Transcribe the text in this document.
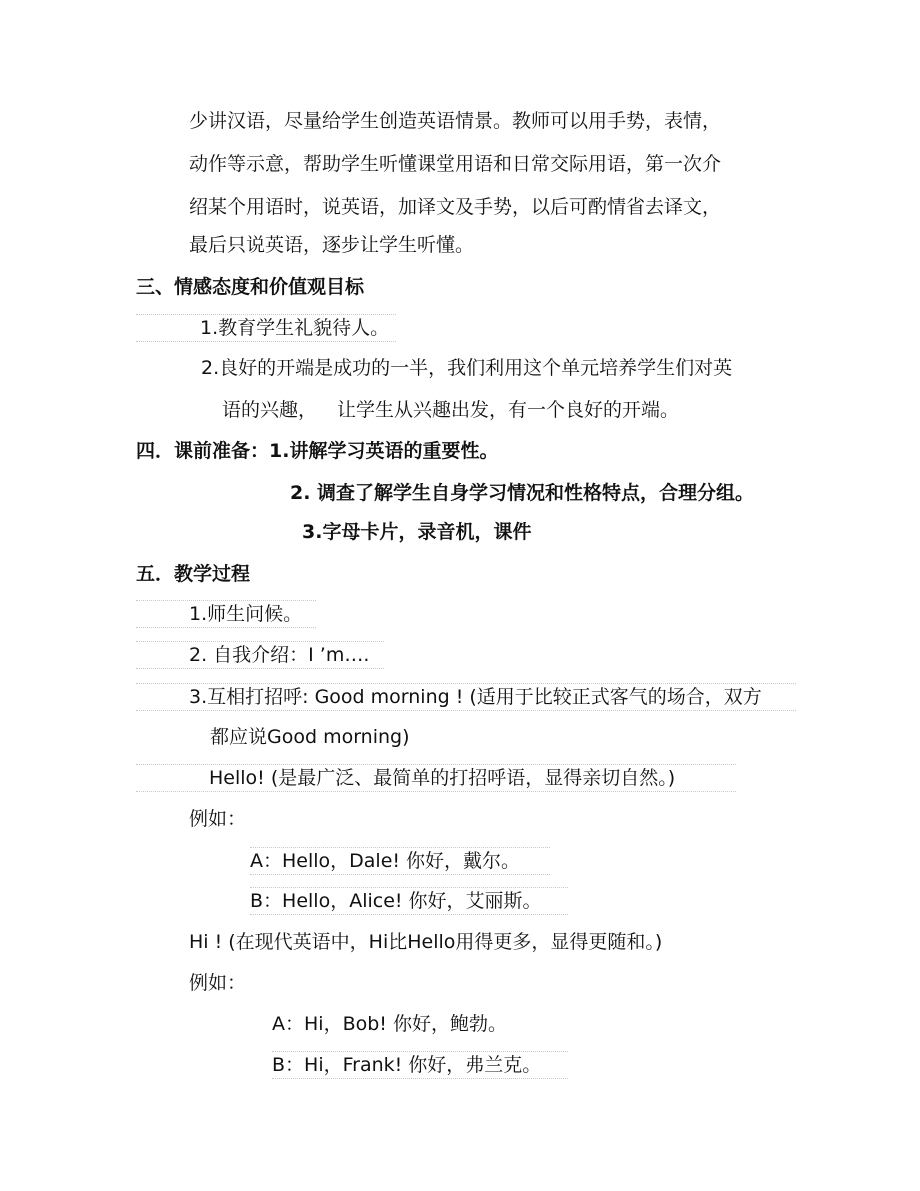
少讲汉语，尽量给学生创造英语情景。教师可以用手势，表情，
动作等示意，帮助学生听懂课堂用语和日常交际用语，第一次介
绍某个用语时，说英语，加译文及手势，以后可酌情省去译文，
最后只说英语，逐步让学生听懂。
三、情感态度和价值观目标
1.教育学生礼貌待人。
2.良好的开端是成功的一半，我们利用这个单元培养学生们对英
语的兴趣， 让学生从兴趣出发，有一个良好的开端。
四．课前准备：1.讲解学习英语的重要性。
2. 调查了解学生自身学习情况和性格特点，合理分组。
3.字母卡片，录音机，课件
五．教学过程
1.师生问候。
2. 自我介绍：I ’m….
3.互相打招呼: Good morning ! (适用于比较正式客气的场合，双方
都应说Good morning)
Hello! (是最广泛、最简单的打招呼语，显得亲切自然。)
例如：
A：Hello，Dale! 你好，戴尔。
B：Hello，Alice! 你好，艾丽斯。
Hi ! (在现代英语中，Hi比Hello用得更多，显得更随和。)
例如：
A：Hi，Bob! 你好，鲍勃。
B：Hi，Frank! 你好，弗兰克。
